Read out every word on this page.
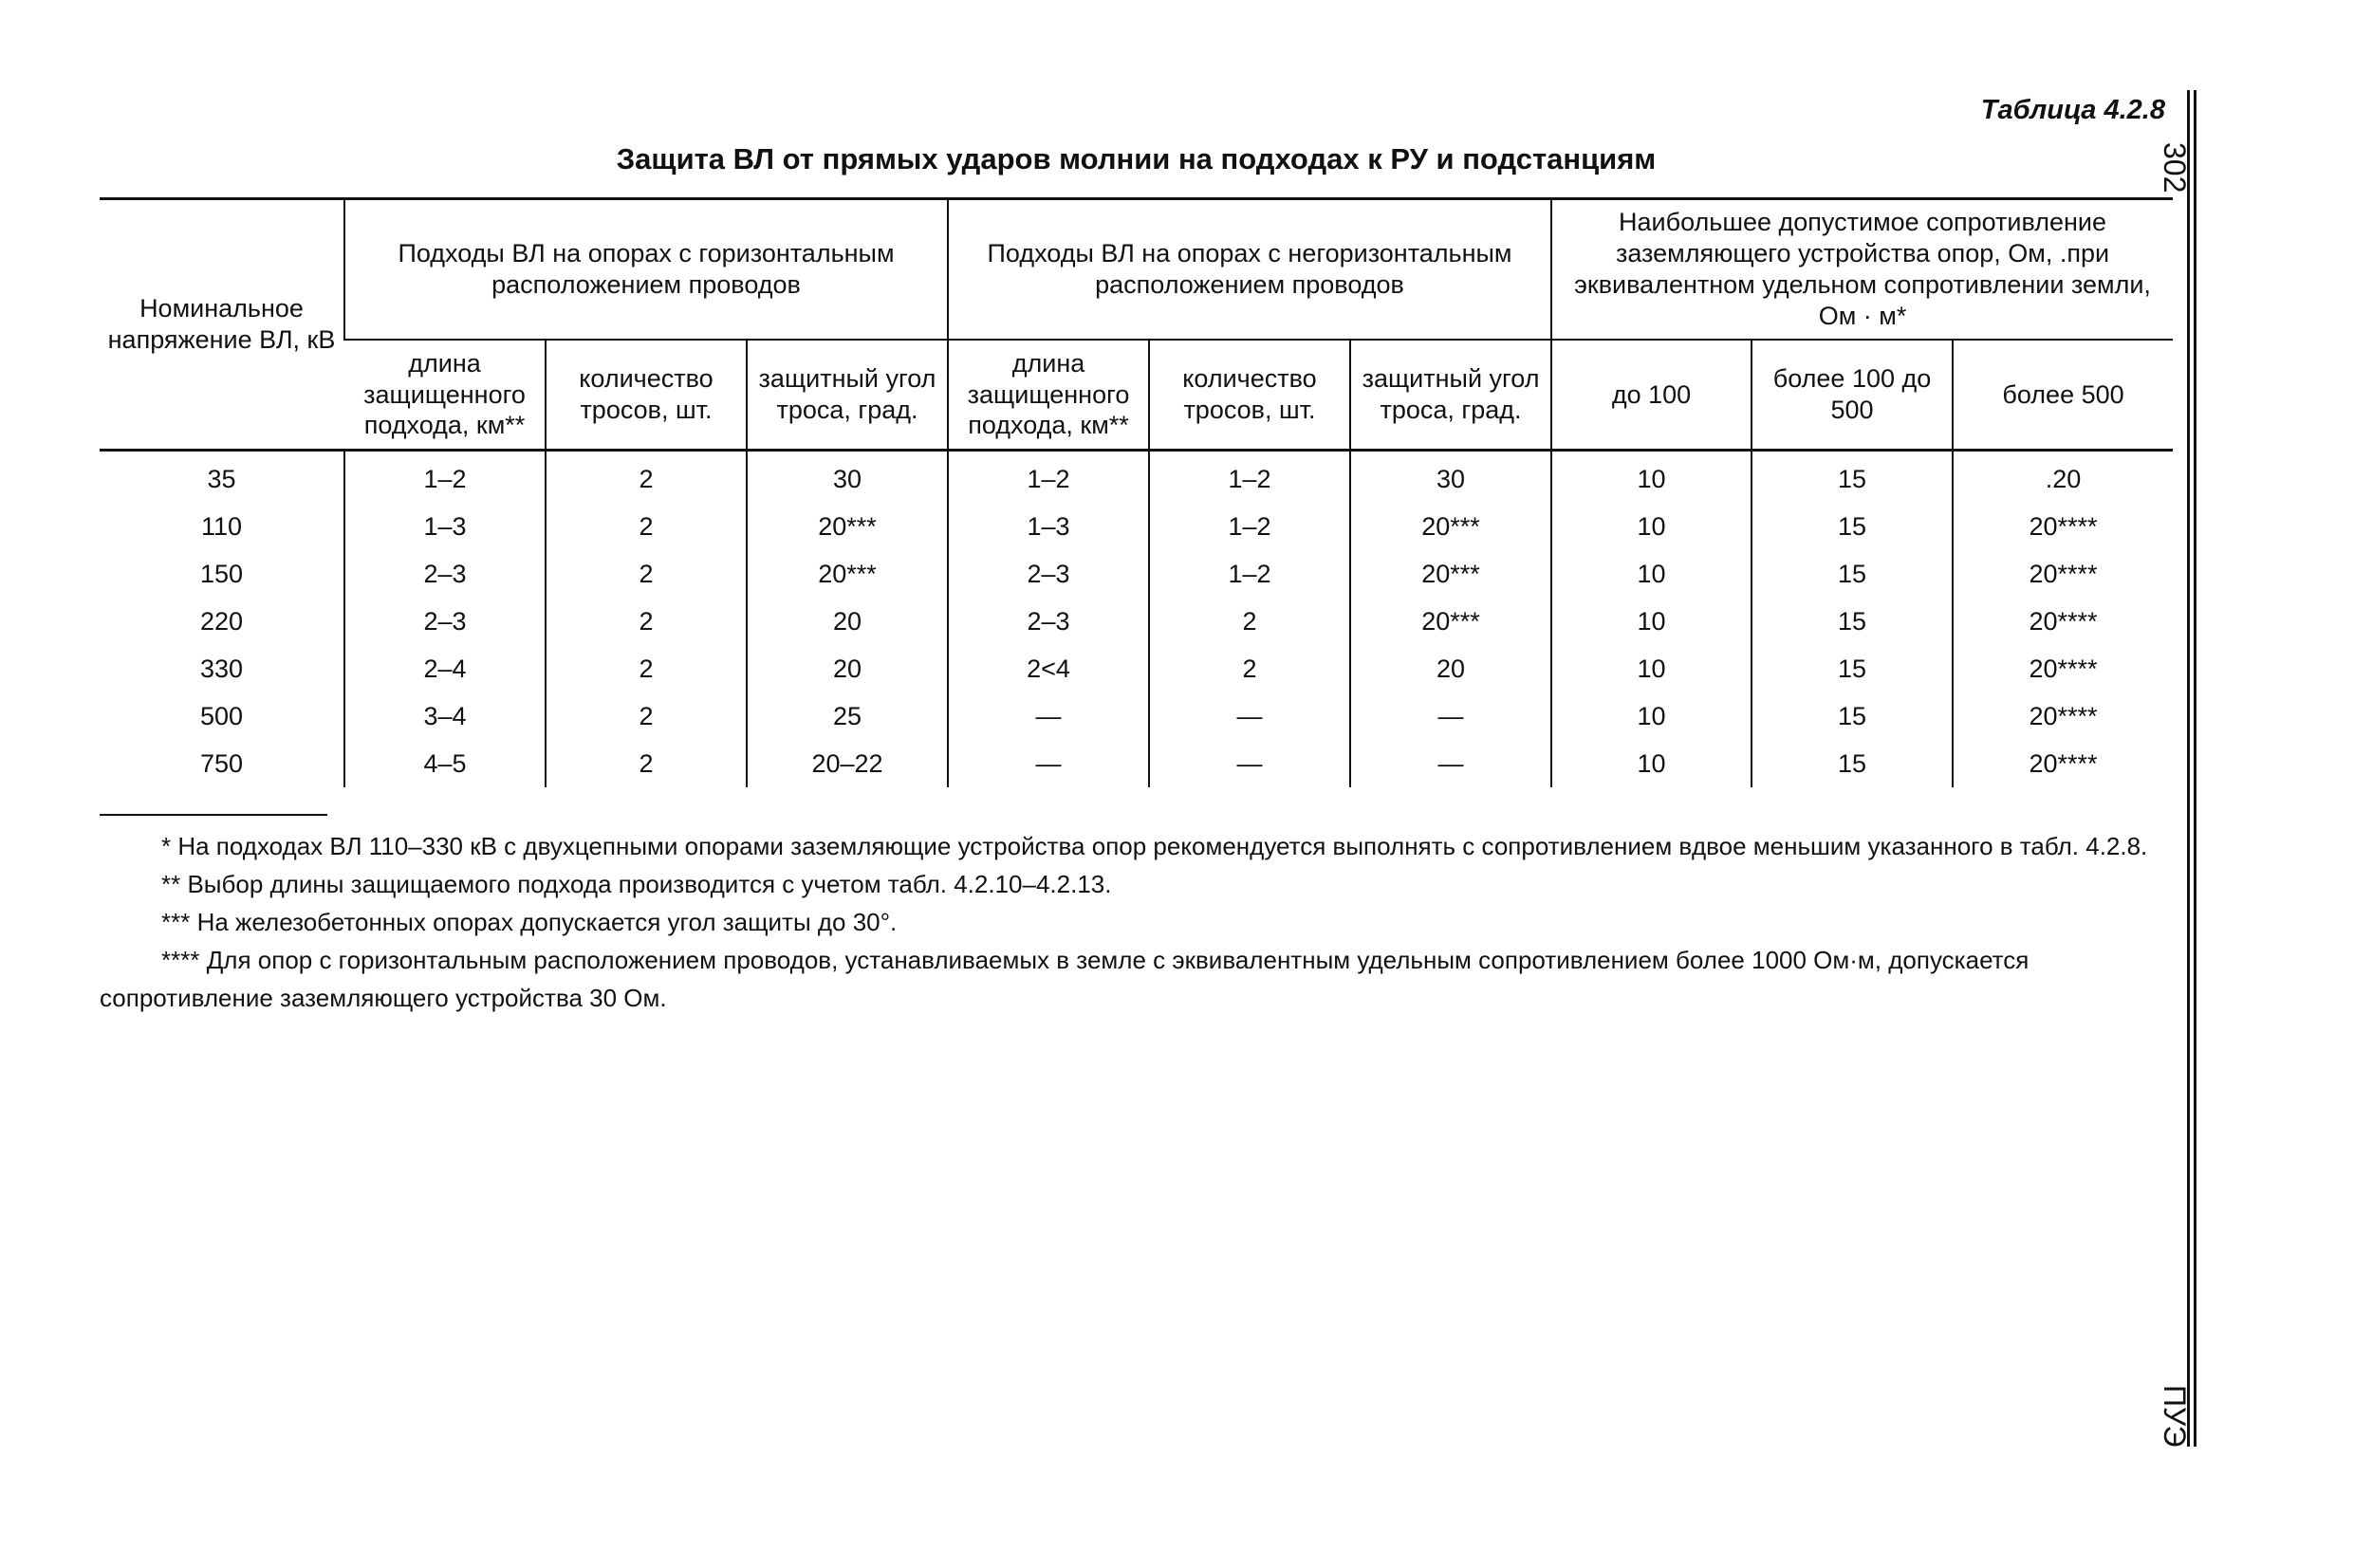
Таблица 4.2.8
Защита ВЛ от прямых ударов молнии на подходах к РУ и подстанциям	302
ПУЭ
Номинальное напряжение ВЛ, кВ	Подходы ВЛ на опорах с горизонтальным расположением проводов			Подходы ВЛ на опорах с негоризонтальным расположением проводов			Наибольшее допустимое сопротивление заземляющего устройства опор, Ом, .при эквивалентном удельном сопротивлении земли, Ом · м*		
	длина защищенного подхода, км**	количество тросов, шт.	защитный угол троса, град.	длина защищенного подхода, км**	количество тросов, шт.	защитный угол троса, град.	до 100	более 100 до 500	более 500
35	1–2	2	30	1–2	1–2	30	10	15	.20
110	1–3	2	20***	1–3	1–2	20***	10	15	20****
150	2–3	2	20***	2–3	1–2	20***	10	15	20****
220	2–3	2	20	2–3	2	20***	10	15	20****
330	2–4	2	20	2<4	2	20	10	15	20****
500	3–4	2	25	—	—	—	10	15	20****
750	4–5	2	20–22	—	—	—	10	15	20****

* На подходах ВЛ 110–330 кВ с двухцепными опорами заземляющие устройства опор рекомендуется выполнять с сопротивлением вдвое меньшим указанного в табл. 4.2.8.

** Выбор длины защищаемого подхода производится с учетом табл. 4.2.10–4.2.13.

*** На железобетонных опорах допускается угол защиты до 30°.

**** Для опор с горизонтальным расположением проводов, устанавливаемых в земле с эквивалентным удельным сопротивлением более 1000 Ом·м, допускается сопротивление заземляющего устройства 30 Ом.
